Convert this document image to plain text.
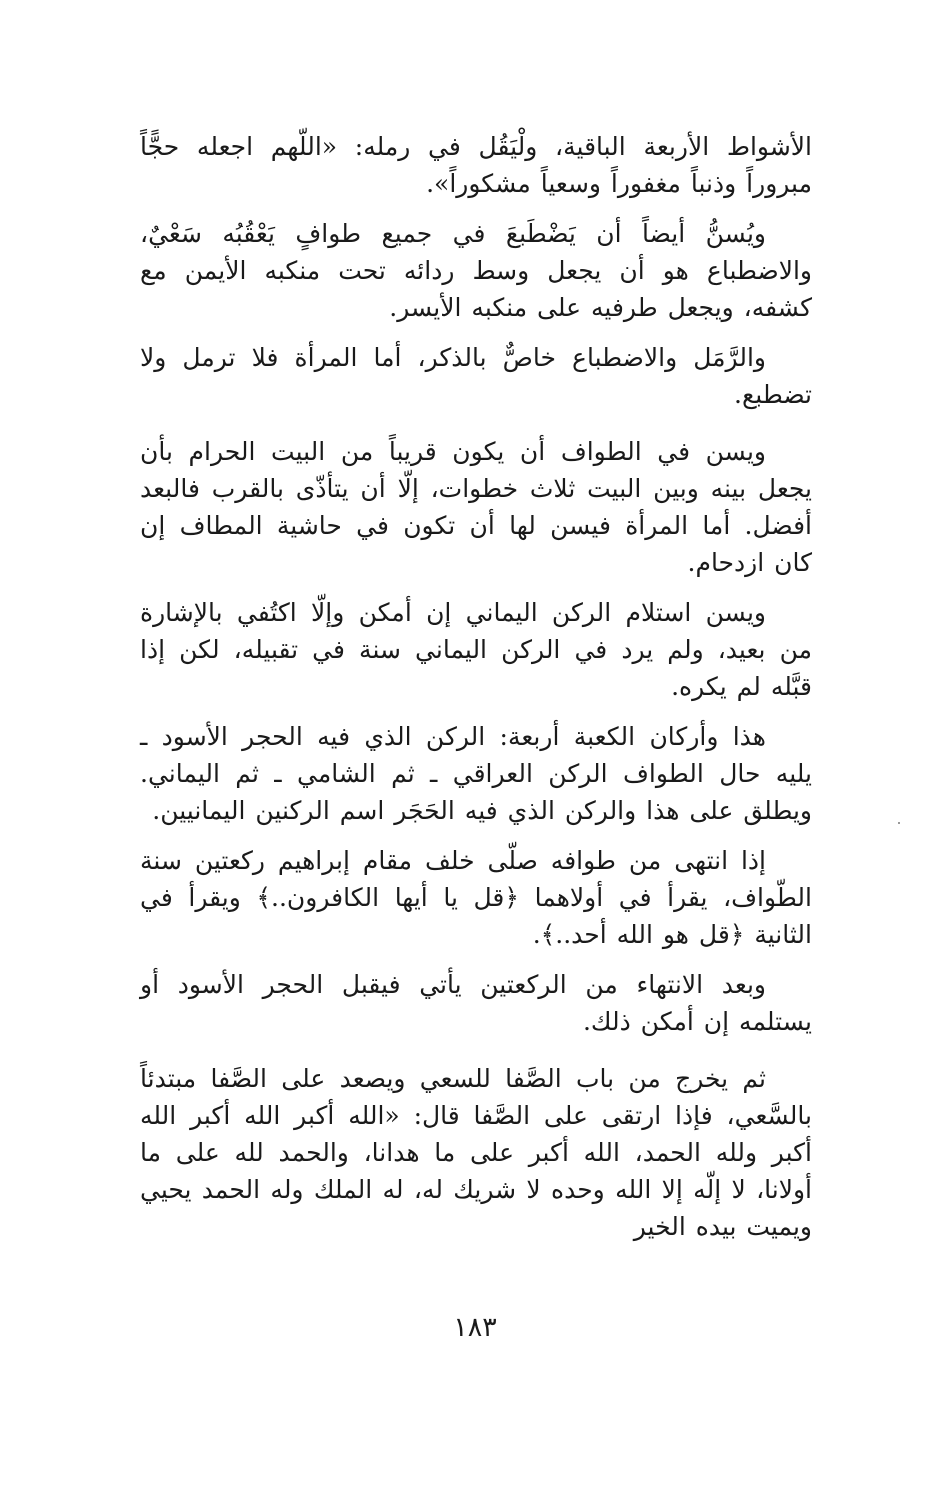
الأشواط الأربعة الباقية، ولْيَقُل في رمله: «اللّهم اجعله حجًّاً مبروراً وذنباً مغفوراً وسعياً مشكوراً».

ويُسنُّ أيضاً أن يَضْطَبعَ في جميع طوافٍ يَعْقُبُه سَعْيٌ، والاضطباع هو أن يجعل وسط ردائه تحت منكبه الأيمن مع كشفه، ويجعل طرفيه على منكبه الأيسر.

والرَّمَل والاضطباع خاصٌّ بالذكر، أما المرأة فلا ترمل ولا تضطبع.

ويسن في الطواف أن يكون قريباً من البيت الحرام بأن يجعل بينه وبين البيت ثلاث خطوات، إلّا أن يتأذّى بالقرب فالبعد أفضل. أما المرأة فيسن لها أن تكون في حاشية المطاف إن كان ازدحام.

ويسن استلام الركن اليماني إن أمكن وإلّا اكتُفي بالإشارة من بعيد، ولم يرد في الركن اليماني سنة في تقبيله، لكن إذا قبَّله لم يكره.

هذا وأركان الكعبة أربعة: الركن الذي فيه الحجر الأسود ـ يليه حال الطواف الركن العراقي ـ ثم الشامي ـ ثم اليماني. ويطلق على هذا والركن الذي فيه الحَجَر اسم الركنين اليمانيين.

إذا انتهى من طوافه صلّى خلف مقام إبراهيم ركعتين سنة الطّواف، يقرأ في أولاهما ﴿قل يا أيها الكافرون..﴾ ويقرأ في الثانية ﴿قل هو الله أحد..﴾.

وبعد الانتهاء من الركعتين يأتي فيقبل الحجر الأسود أو يستلمه إن أمكن ذلك.

ثم يخرج من باب الصَّفا للسعي ويصعد على الصَّفا مبتدئاً بالسَّعي، فإذا ارتقى على الصَّفا قال: «الله أكبر الله أكبر الله أكبر ولله الحمد، الله أكبر على ما هدانا، والحمد لله على ما أولانا، لا إلّه إلا الله وحده لا شريك له، له الملك وله الحمد يحيي ويميت بيده الخير

١٨٣
